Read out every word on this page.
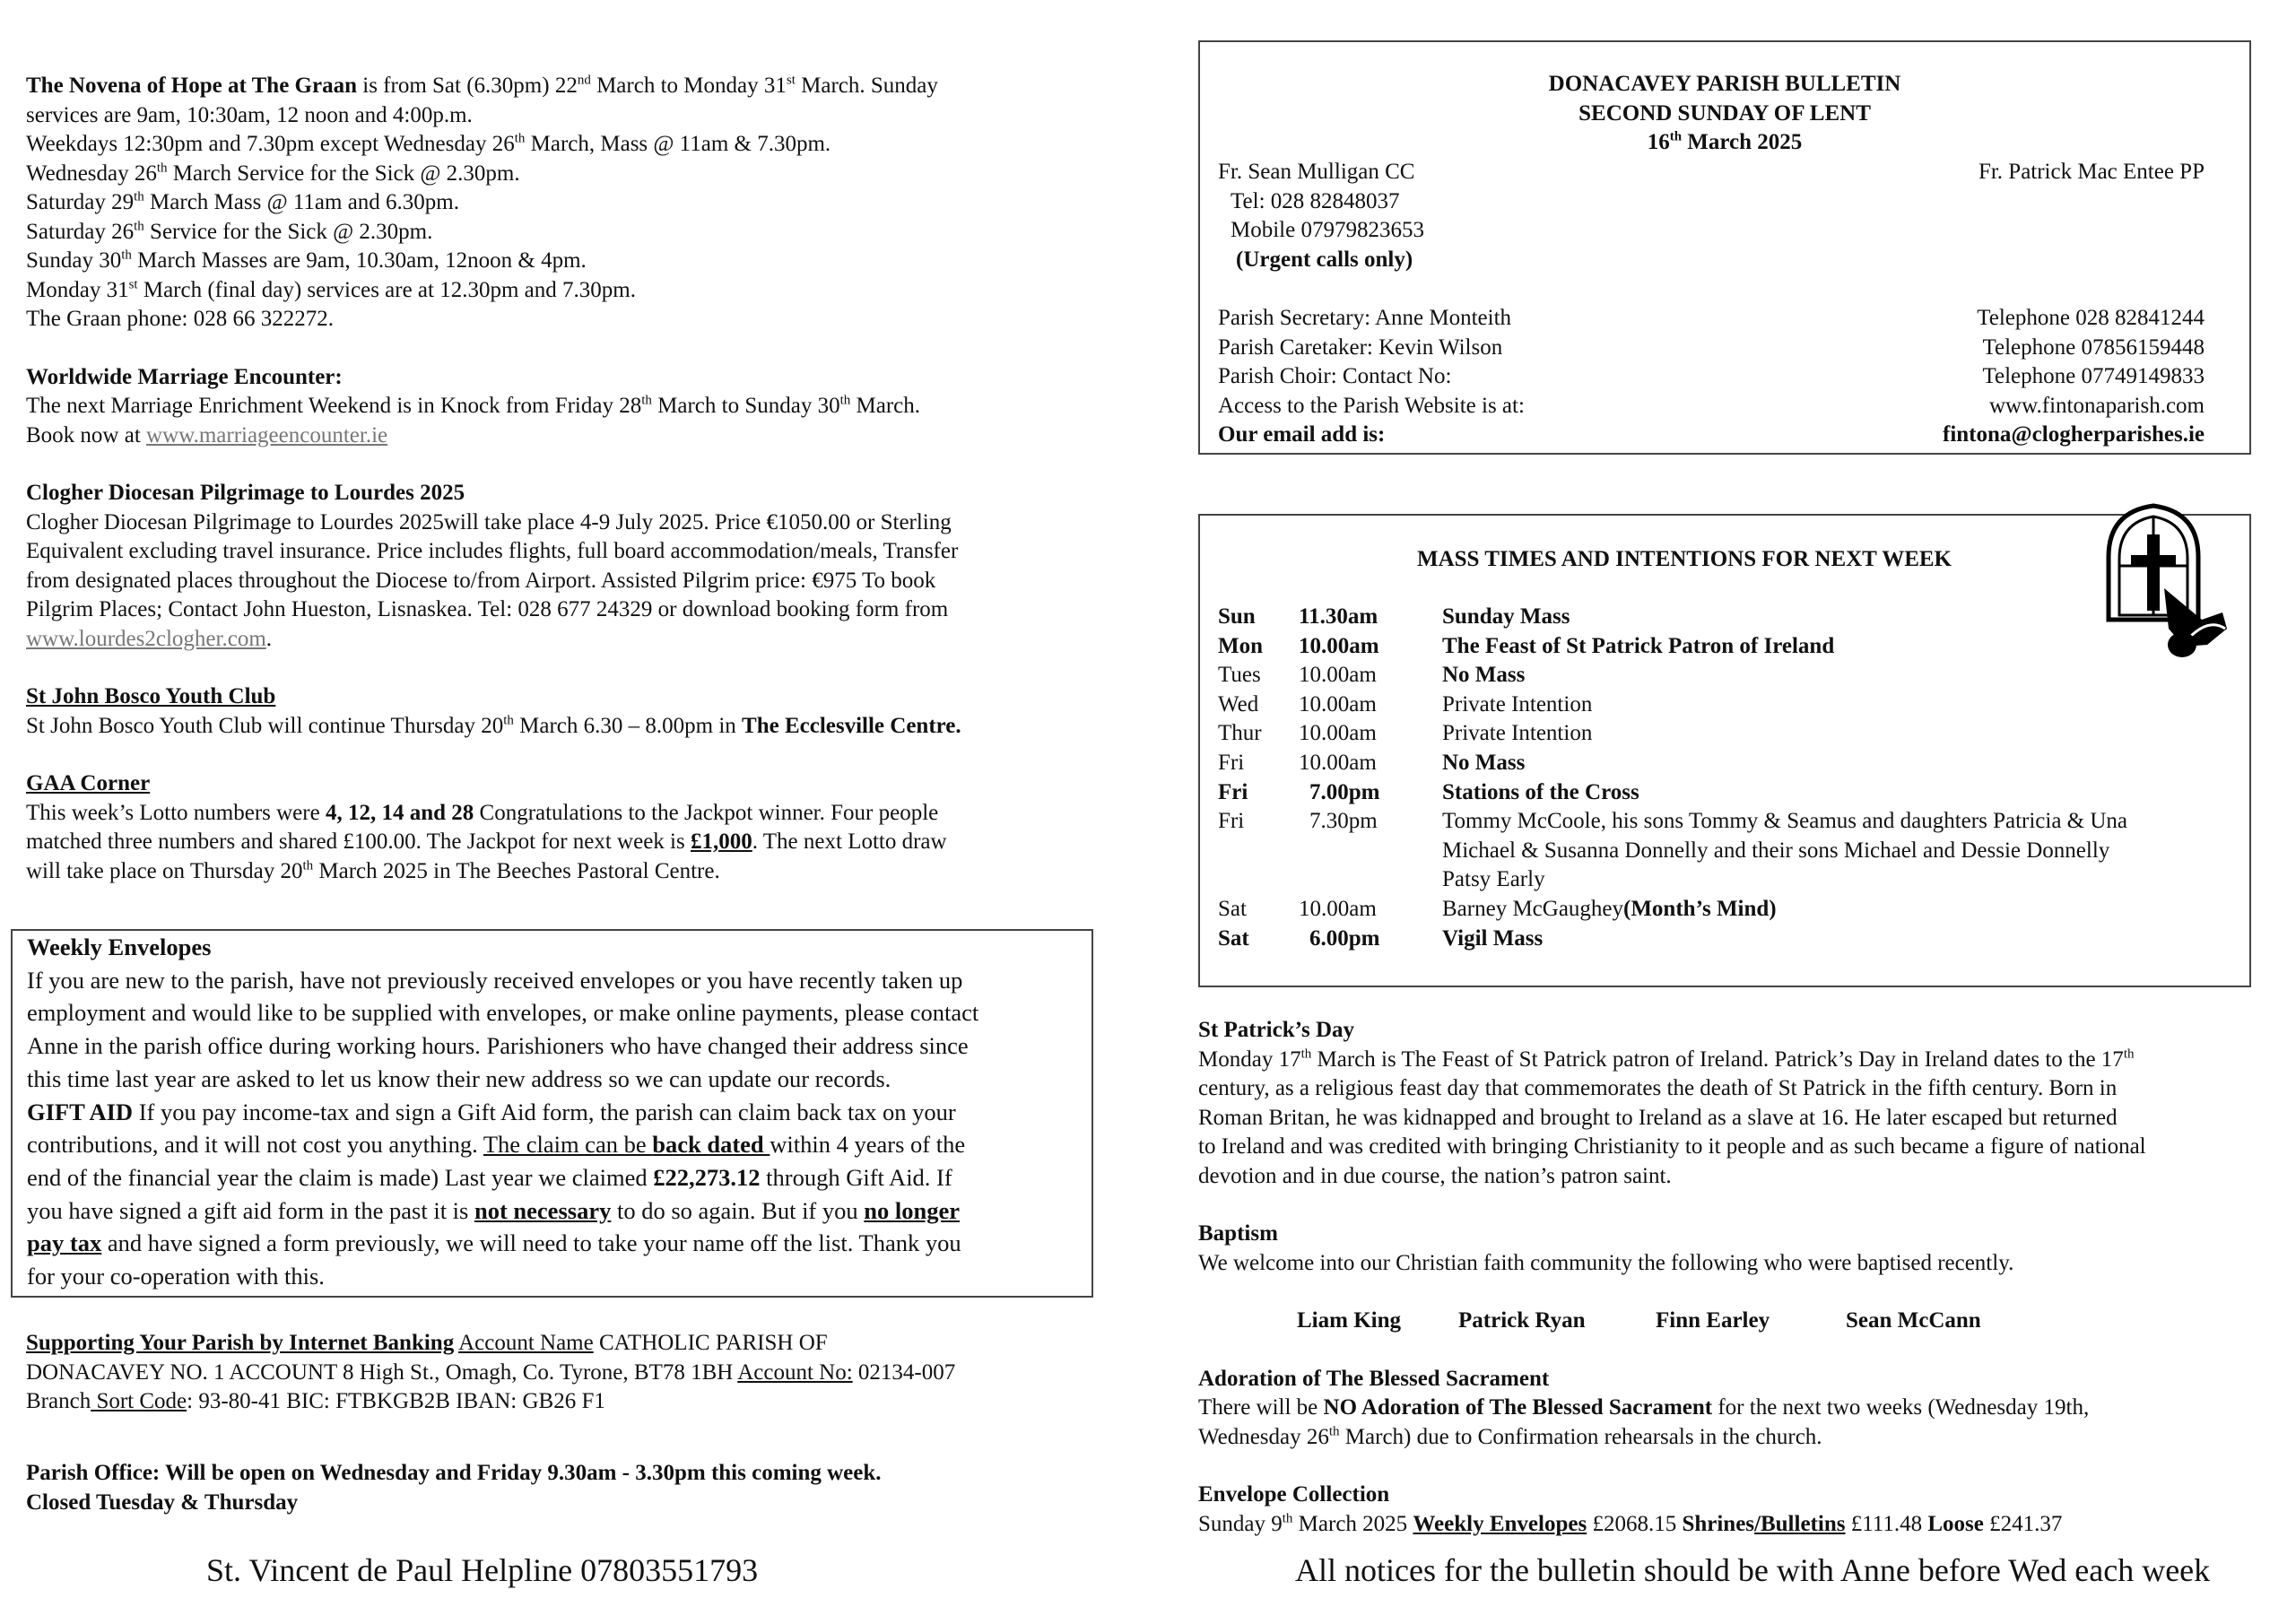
The Novena of Hope at The Graan is from Sat (6.30pm) 22nd March to Monday 31st March. Sunday

services are 9am, 10:30am, 12 noon and 4:00p.m.

Weekdays 12:30pm and 7.30pm except Wednesday 26th March, Mass @ 11am & 7.30pm.

Wednesday 26th March Service for the Sick @ 2.30pm.

Saturday 29th March Mass @ 11am and 6.30pm.

Saturday 26th Service for the Sick @ 2.30pm.

Sunday 30th March Masses are 9am, 10.30am, 12noon & 4pm.

Monday 31st March (final day) services are at 12.30pm and 7.30pm.

The Graan phone: 028 66 322272.

Worldwide Marriage Encounter:

The next Marriage Enrichment Weekend is in Knock from Friday 28th March to Sunday 30th March.

Book now at www.marriageencounter.ie

Clogher Diocesan Pilgrimage to Lourdes 2025

Clogher Diocesan Pilgrimage to Lourdes 2025will take place 4-9 July 2025. Price €1050.00 or Sterling

Equivalent excluding travel insurance. Price includes flights, full board accommodation/meals, Transfer

from designated places throughout the Diocese to/from Airport. Assisted Pilgrim price: €975 To book

Pilgrim Places; Contact John Hueston, Lisnaskea. Tel: 028 677 24329 or download booking form from

www.lourdes2clogher.com.

St John Bosco Youth Club

St John Bosco Youth Club will continue Thursday 20th March 6.30 – 8.00pm in The Ecclesville Centre.

GAA Corner

This week’s Lotto numbers were 4, 12, 14 and 28 Congratulations to the Jackpot winner. Four people

matched three numbers and shared £100.00. The Jackpot for next week is £1,000. The next Lotto draw

will take place on Thursday 20th March 2025 in The Beeches Pastoral Centre.

Weekly Envelopes

If you are new to the parish, have not previously received envelopes or you have recently taken up

employment and would like to be supplied with envelopes, or make online payments, please contact

Anne in the parish office during working hours. Parishioners who have changed their address since

this time last year are asked to let us know their new address so we can update our records.

GIFT AID If you pay income-tax and sign a Gift Aid form, the parish can claim back tax on your

contributions, and it will not cost you anything. The claim can be back dated within 4 years of the

end of the financial year the claim is made) Last year we claimed £22,273.12 through Gift Aid. If

you have signed a gift aid form in the past it is not necessary to do so again. But if you no longer

pay tax and have signed a form previously, we will need to take your name off the list. Thank you

for your co-operation with this.

Supporting Your Parish by Internet Banking Account Name CATHOLIC PARISH OF

DONACAVEY NO. 1 ACCOUNT 8 High St., Omagh, Co. Tyrone, BT78 1BH Account No: 02134-007

Branch Sort Code: 93-80-41 BIC: FTBKGB2B IBAN: GB26 F1

Parish Office: Will be open on Wednesday and Friday 9.30am - 3.30pm this coming week.

Closed Tuesday & Thursday

St. Vincent de Paul Helpline 07803551793

DONACAVEY PARISH BULLETIN

SECOND SUNDAY OF LENT

16th March 2025

Fr. Sean Mulligan CC	Fr. Patrick Mac Entee PP

Tel: 028 82848037

Mobile 07979823653

(Urgent calls only)

Parish Secretary: Anne Monteith	Telephone 028 82841244
Parish Caretaker: Kevin Wilson	Telephone 07856159448
Parish Choir: Contact No:	Telephone 07749149833
Access to the Parish Website is at:	www.fintonaparish.com
Our email add is:	fintona@clogherparishes.ie

MASS TIMES AND INTENTIONS FOR NEXT WEEK

Sun	11.30am	Sunday Mass
Mon	10.00am	The Feast of St Patrick Patron of Ireland
Tues	10.00am	No Mass
Wed	10.00am	Private Intention
Thur	10.00am	Private Intention
Fri	10.00am	No Mass
Fri	7.00pm	Stations of the Cross
Fri	7.30pm	Tommy McCoole, his sons Tommy & Seamus and daughters Patricia & Una
Michael & Susanna Donnelly and their sons Michael and Dessie Donnelly
Patsy Early
Sat	10.00am	Barney McGaughey (Month’s Mind)
Sat	6.00pm	Vigil Mass

St Patrick’s Day

Monday 17th March is The Feast of St Patrick patron of Ireland. Patrick’s Day in Ireland dates to the 17th

century, as a religious feast day that commemorates the death of St Patrick in the fifth century. Born in

Roman Britan, he was kidnapped and brought to Ireland as a slave at 16. He later escaped but returned

to Ireland and was credited with bringing Christianity to it people and as such became a figure of national

devotion and in due course, the nation’s patron saint.

Baptism

We welcome into our Christian faith community the following who were baptised recently.

Liam King	Patrick Ryan	Finn Earley	Sean McCann

Adoration of The Blessed Sacrament

There will be NO Adoration of The Blessed Sacrament for the next two weeks (Wednesday 19th,

Wednesday 26th March) due to Confirmation rehearsals in the church.

Envelope Collection

Sunday 9th March 2025 Weekly Envelopes £2068.15 Shrines/Bulletins £111.48 Loose £241.37

All notices for the bulletin should be with Anne before Wed each week
